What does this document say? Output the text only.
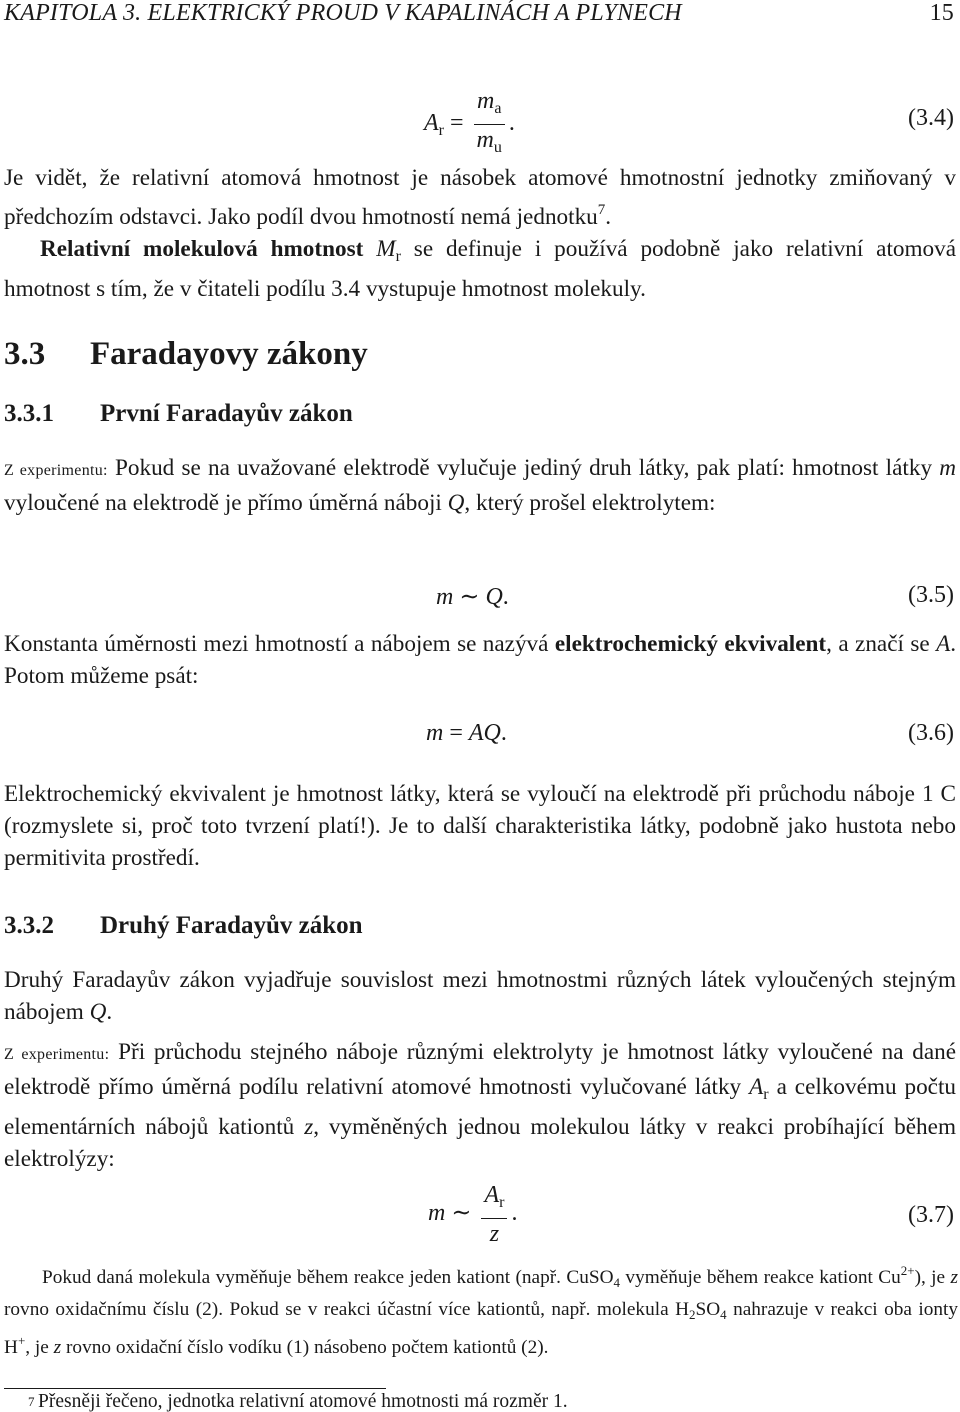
KAPITOLA 3. ELEKTRICKÝ PROUD V KAPALINÁCH A PLYNECH	15
$A_r = \frac{m_a}{m_u}$ .	(3.4)
Je vidět, že relativní atomová hmotnost je násobek atomové hmotnostní jednotky zmiňovaný v předchozím odstavci. Jako podíl dvou hmotností nemá jednotku$^7$.
Relativní molekulová hmotnost $M_r$ se definuje i používá podobně jako relativní atomová hmotnost s tím, že v čitateli podílu 3.4 vystupuje hmotnost molekuly.
3.3 Faradayovy zákony
3.3.1 První Faradayův zákon
Z experimentu: Pokud se na uvažované elektrodě vylučuje jediný druh látky, pak platí: hmotnost látky m vyloučené na elektrodě je přímo úměrná náboji Q, který prošel elektrolytem:
m ∼ Q.	(3.5)
Konstanta úměrnosti mezi hmotností a nábojem se nazývá elektrochemický ekvivalent, a značí se A. Potom můžeme psát:
m = AQ.	(3.6)
Elektrochemický ekvivalent je hmotnost látky, která se vyloučí na elektrodě při průchodu náboje 1 C (rozmyslete si, proč toto tvrzení platí!). Je to další charakteristika látky, podobně jako hustota nebo permitivita prostředí.
3.3.2 Druhý Faradayův zákon
Druhý Faradayův zákon vyjadřuje souvislost mezi hmotnostmi různých látek vyloučených stejným nábojem Q.
Z experimentu: Při průchodu stejného náboje různými elektrolyty je hmotnost látky vyloučené na dané elektrodě přímo úměrná podílu relativní atomové hmotnosti vylučované látky $A_r$ a celkovému počtu elementárních nábojů kationtů z, vyměněných jednou molekulou látky v reakci probíhající během elektrolýzy:
m ∼ $\frac{A_r}{z}$ .	(3.7)
Pokud daná molekula vyměňuje během reakce jeden kationt (např. CuSO$_4$ vyměňuje během reakce kationt $Cu^{2+}$), je z rovno oxidačnímu číslu (2). Pokud se v reakci účastní více kationtů, např. molekula $H_2SO_4$ nahrazuje v reakci oba ionty H+, je z rovno oxidační číslo vodíku (1) násobeno počtem kationtů (2).
7 Přesněji řečeno, jednotka relativní atomové hmotnosti má rozměr 1.
